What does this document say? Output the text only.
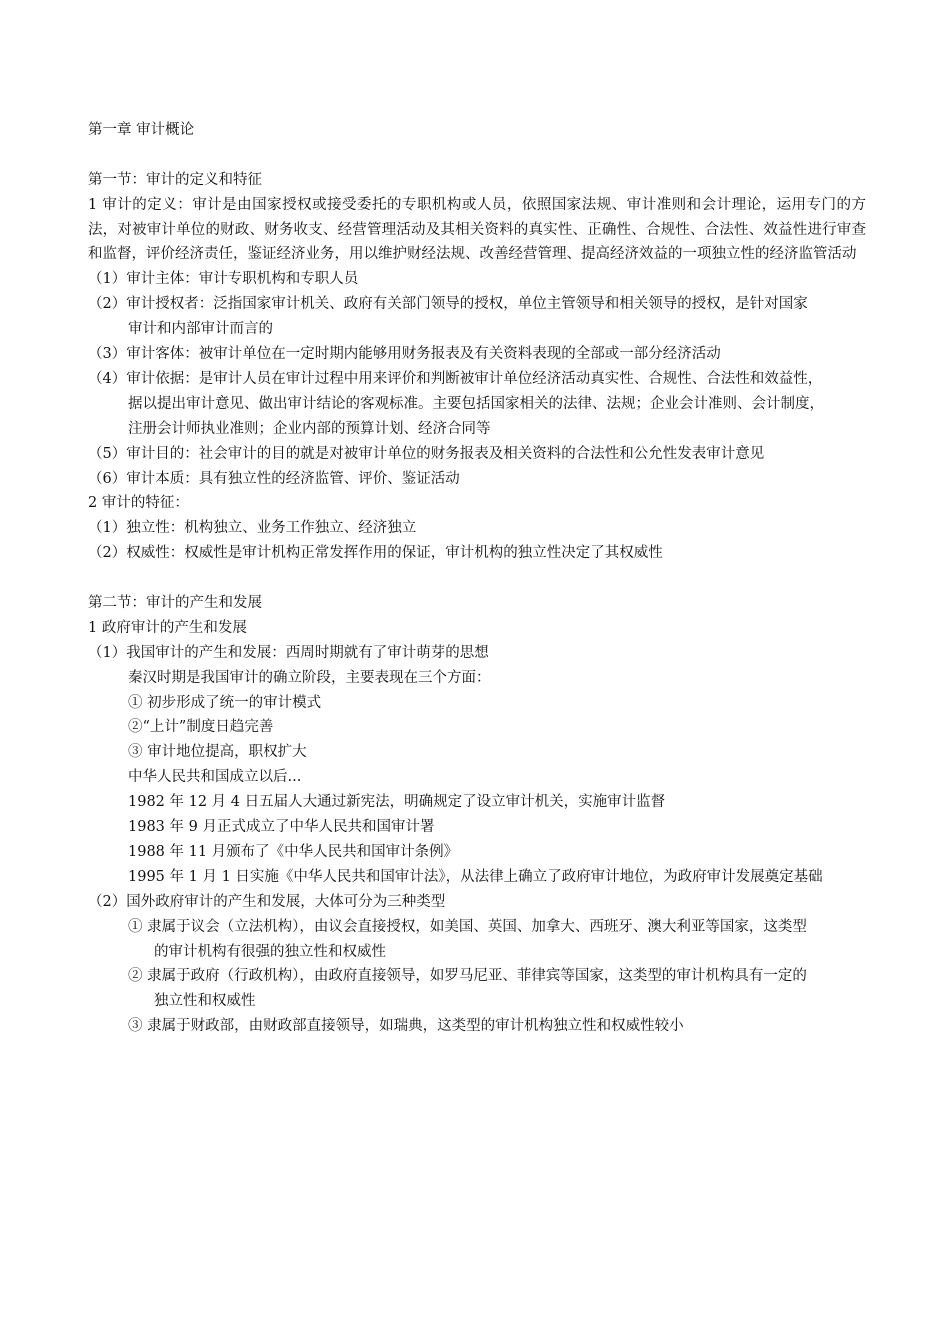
第一章 审计概论
第一节：审计的定义和特征
1 审计的定义：审计是由国家授权或接受委托的专职机构或人员，依照国家法规、审计准则和会计理论，运用专门的方法，对被审计单位的财政、财务收支、经营管理活动及其相关资料的真实性、正确性、合规性、合法性、效益性进行审查和监督，评价经济责任，鉴证经济业务，用以维护财经法规、改善经营管理、提高经济效益的一项独立性的经济监管活动
（1）审计主体：审计专职机构和专职人员
（2）审计授权者：泛指国家审计机关、政府有关部门领导的授权，单位主管领导和相关领导的授权，是针对国家
审计和内部审计而言的
（3）审计客体：被审计单位在一定时期内能够用财务报表及有关资料表现的全部或一部分经济活动
（4）审计依据：是审计人员在审计过程中用来评价和判断被审计单位经济活动真实性、合规性、合法性和效益性，
据以提出审计意见、做出审计结论的客观标准。主要包括国家相关的法律、法规；企业会计准则、会计制度，
注册会计师执业准则；企业内部的预算计划、经济合同等
（5）审计目的：社会审计的目的就是对被审计单位的财务报表及相关资料的合法性和公允性发表审计意见
（6）审计本质：具有独立性的经济监管、评价、鉴证活动
2 审计的特征：
（1）独立性：机构独立、业务工作独立、经济独立
（2）权威性：权威性是审计机构正常发挥作用的保证，审计机构的独立性决定了其权威性
第二节：审计的产生和发展
1 政府审计的产生和发展
（1）我国审计的产生和发展：西周时期就有了审计萌芽的思想
秦汉时期是我国审计的确立阶段，主要表现在三个方面：
① 初步形成了统一的审计模式
②“上计”制度日趋完善
③ 审计地位提高，职权扩大
中华人民共和国成立以后...
1982 年 12 月 4 日五届人大通过新宪法，明确规定了设立审计机关，实施审计监督
1983 年 9 月正式成立了中华人民共和国审计署
1988 年 11 月颁布了《中华人民共和国审计条例》
1995 年 1 月 1 日实施《中华人民共和国审计法》，从法律上确立了政府审计地位，为政府审计发展奠定基础
（2）国外政府审计的产生和发展，大体可分为三种类型
① 隶属于议会（立法机构），由议会直接授权，如美国、英国、加拿大、西班牙、澳大利亚等国家，这类型
的审计机构有很强的独立性和权威性
② 隶属于政府（行政机构），由政府直接领导，如罗马尼亚、菲律宾等国家，这类型的审计机构具有一定的
独立性和权威性
③ 隶属于财政部，由财政部直接领导，如瑞典，这类型的审计机构独立性和权威性较小
